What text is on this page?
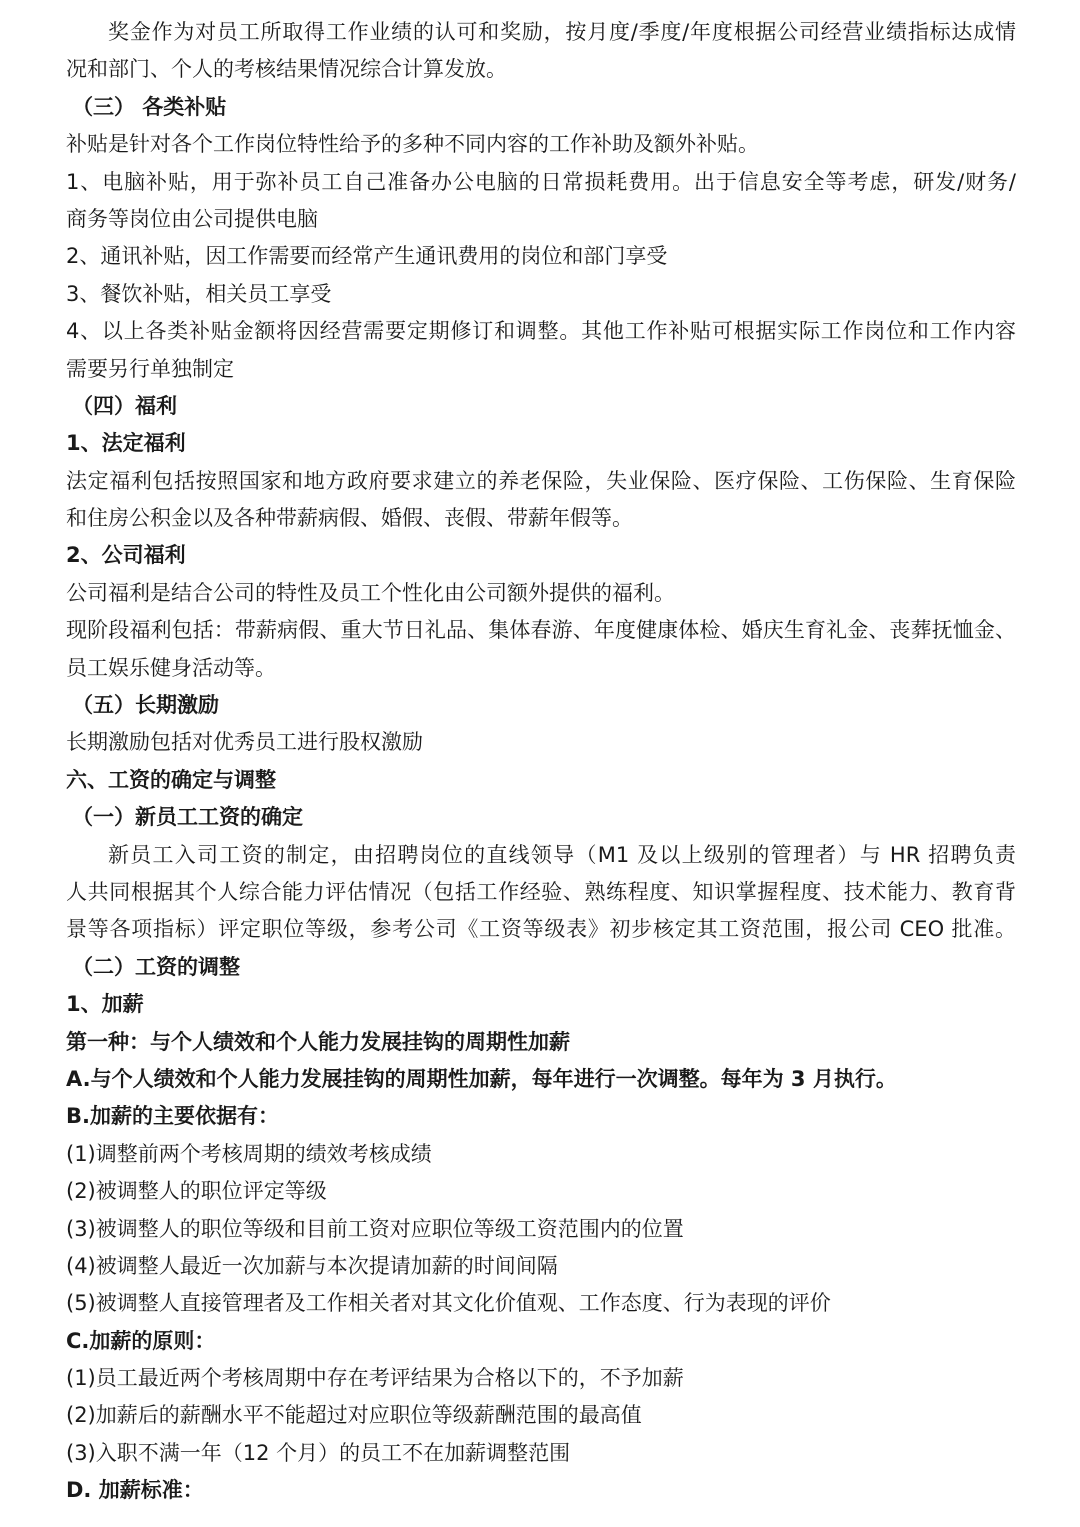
奖金作为对员工所取得工作业绩的认可和奖励，按月度/季度/年度根据公司经营业绩指标达成情
况和部门、个人的考核结果情况综合计算发放。
（三） 各类补贴
补贴是针对各个工作岗位特性给予的多种不同内容的工作补助及额外补贴。
1、电脑补贴，用于弥补员工自己准备办公电脑的日常损耗费用。出于信息安全等考虑，研发/财务/
商务等岗位由公司提供电脑
2、通讯补贴，因工作需要而经常产生通讯费用的岗位和部门享受
3、餐饮补贴，相关员工享受
4、以上各类补贴金额将因经营需要定期修订和调整。其他工作补贴可根据实际工作岗位和工作内容
需要另行单独制定
（四）福利
1、法定福利
法定福利包括按照国家和地方政府要求建立的养老保险，失业保险、医疗保险、工伤保险、生育保险
和住房公积金以及各种带薪病假、婚假、丧假、带薪年假等。
2、公司福利
公司福利是结合公司的特性及员工个性化由公司额外提供的福利。
现阶段福利包括：带薪病假、重大节日礼品、集体春游、年度健康体检、婚庆生育礼金、丧葬抚恤金、
员工娱乐健身活动等。
（五）长期激励
长期激励包括对优秀员工进行股权激励
六、工资的确定与调整
（一）新员工工资的确定
新员工入司工资的制定，由招聘岗位的直线领导（M1 及以上级别的管理者）与 HR 招聘负责
人共同根据其个人综合能力评估情况（包括工作经验、熟练程度、知识掌握程度、技术能力、教育背
景等各项指标）评定职位等级，参考公司《工资等级表》初步核定其工资范围，报公司 CEO 批准。
（二）工资的调整
1、加薪
第一种：与个人绩效和个人能力发展挂钩的周期性加薪
A.与个人绩效和个人能力发展挂钩的周期性加薪，每年进行一次调整。每年为 3 月执行。
B.加薪的主要依据有：
(1)调整前两个考核周期的绩效考核成绩
(2)被调整人的职位评定等级
(3)被调整人的职位等级和目前工资对应职位等级工资范围内的位置
(4)被调整人最近一次加薪与本次提请加薪的时间间隔
(5)被调整人直接管理者及工作相关者对其文化价值观、工作态度、行为表现的评价
C.加薪的原则：
(1)员工最近两个考核周期中存在考评结果为合格以下的，不予加薪
(2)加薪后的薪酬水平不能超过对应职位等级薪酬范围的最高值
(3)入职不满一年（12 个月）的员工不在加薪调整范围
D. 加薪标准：
